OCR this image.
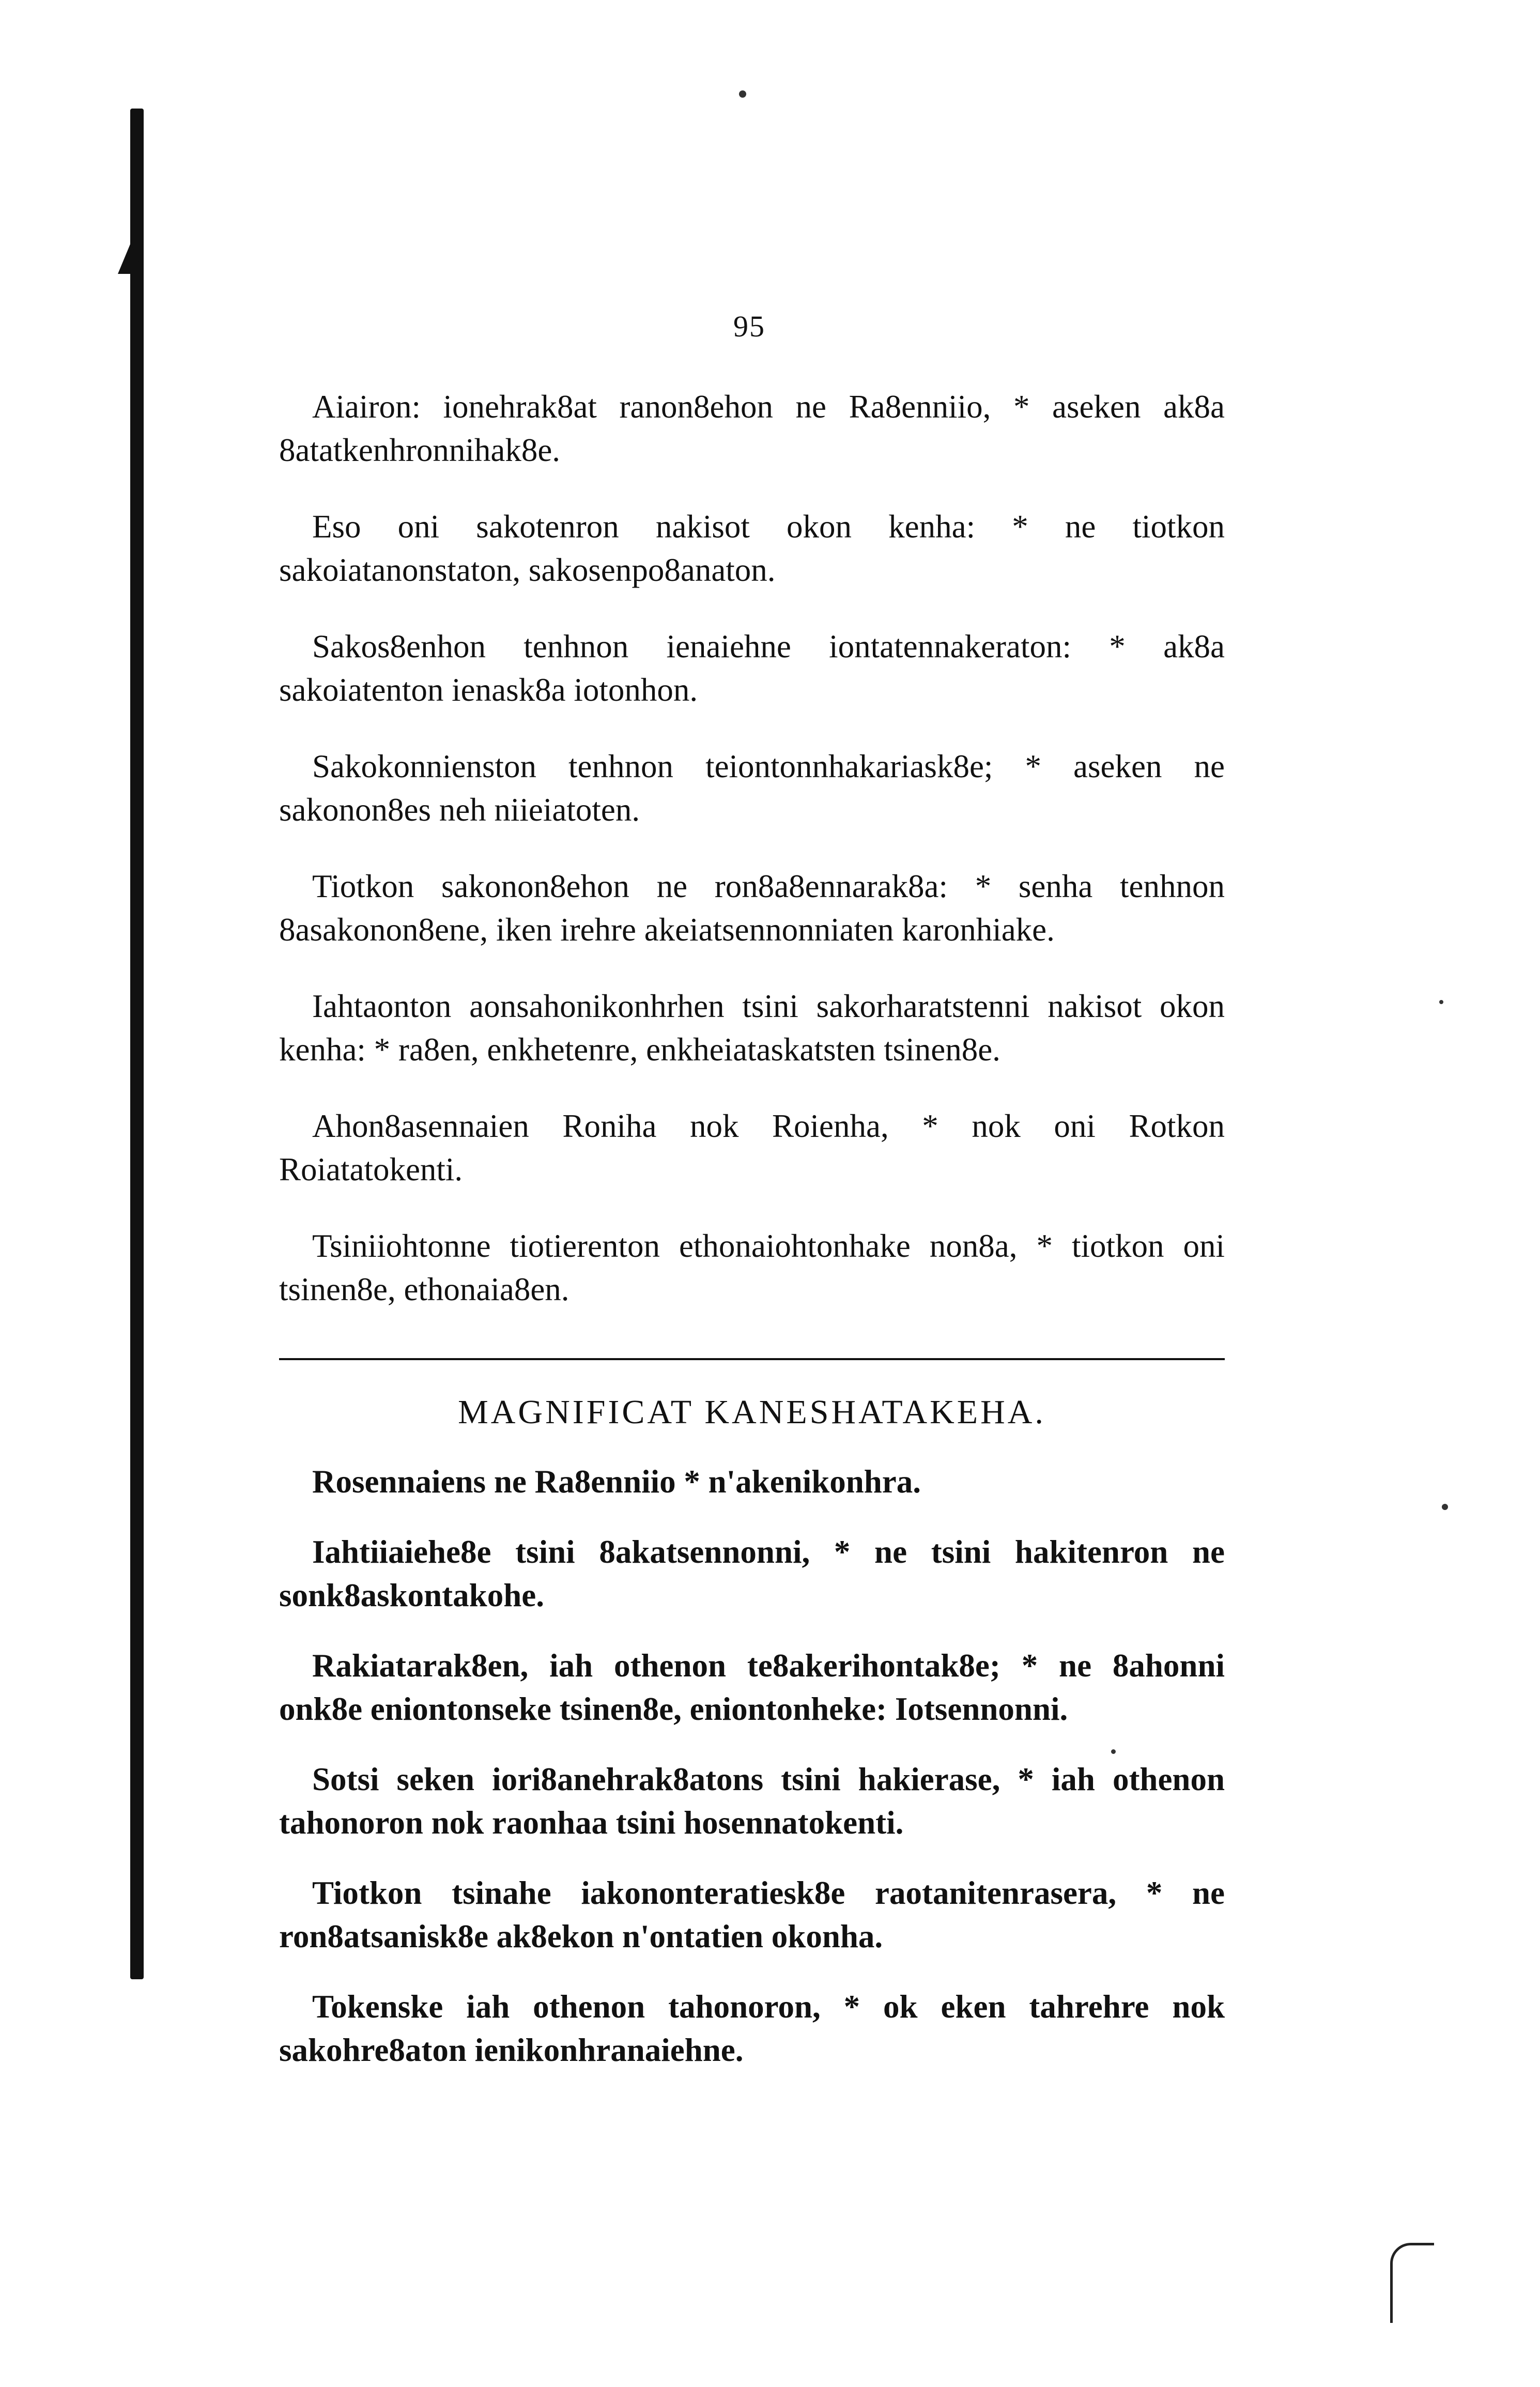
95

Aiairon: ionehrak8at ranon8ehon ne Ra8enniio, * aseken ak8a 8atatkenhronnihak8e.

Eso oni sakotenron nakisot okon kenha: * ne tiotkon sakoiatanonstaton, sakosenpo8anaton.

Sakos8enhon tenhnon ienaiehne iontatennakeraton: * ak8a sakoiatenton ienask8a iotonhon.

Sakokonnienston tenhnon teiontonnhakariask8e; * aseken ne sakonon8es neh niieiatoten.

Tiotkon sakonon8ehon ne ron8a8ennarak8a: * senha tenhnon 8asakonon8ene, iken irehre akeiatsennonniaten karonhiake.

Iahtaonton aonsahonikonhrhen tsini sakorharatstenni nakisot okon kenha: * ra8en, enkhetenre, enkheiataskatsten tsinen8e.

Ahon8asennaien Roniha nok Roienha, * nok oni Rotkon Roiatatokenti.

Tsiniiohtonne tiotierenton ethonaiohtonhake non8a, * tiotkon oni tsinen8e, ethonaia8en.

MAGNIFICAT KANESHATAKEHA.

Rosennaiens ne Ra8enniio * n'akenikonhra.

Iahtiiaiehe8e tsini 8akatsennonni, * ne tsini hakitenron ne sonk8askontakohe.

Rakiatarak8en, iah othenon te8akerihontak8e; * ne 8ahonni onk8e eniontonseke tsinen8e, eniontonheke: Iotsennonni.

Sotsi seken iori8anehrak8atons tsini hakierase, * iah othenon tahonoron nok raonhaa tsini hosennatokenti.

Tiotkon tsinahe iakononteratiesk8e raotanitenrasera, * ne ron8atsanisk8e ak8ekon n'ontatien okonha.

Tokenske iah othenon tahonoron, * ok eken tahrehre nok sakohre8aton ienikonhranaiehne.
